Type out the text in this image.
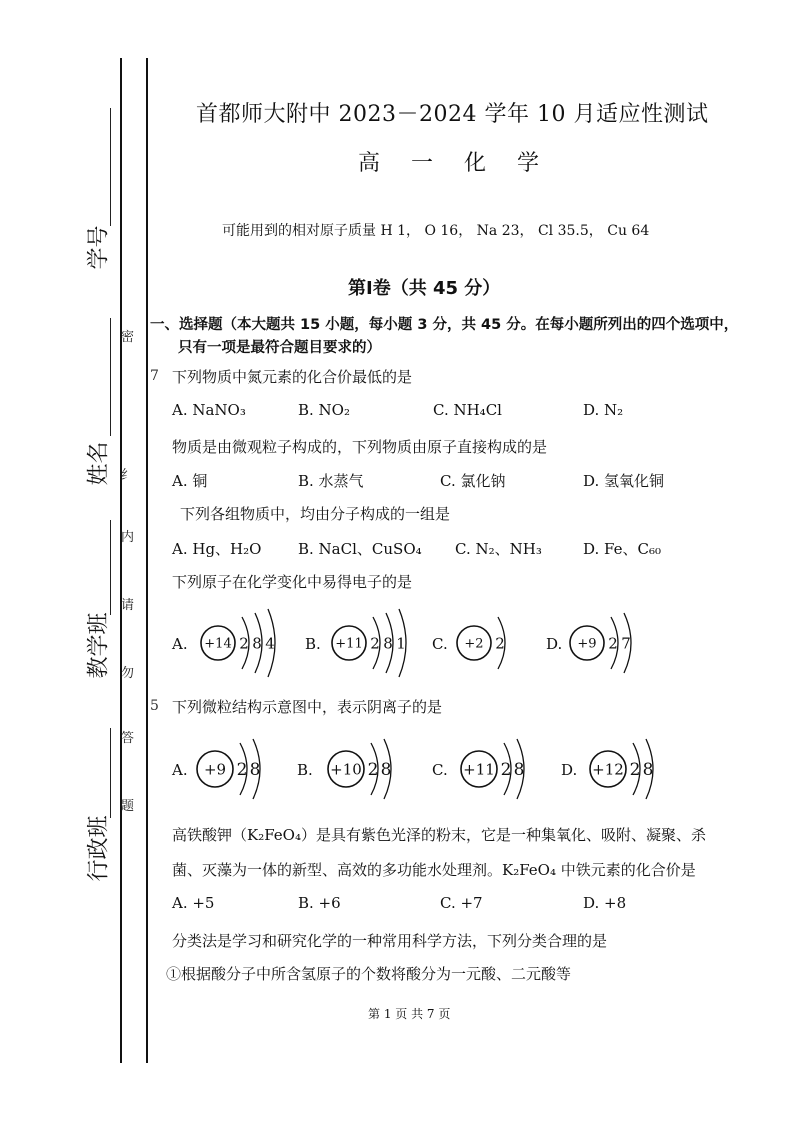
学号
姓名
教学班
行政班
密
纟
内
请
勿
答
题
首都师大附中 2023－2024 学年 10 月适应性测试
高 一 化 学
可能用到的相对原子质量 H 1， O 16， Na 23， Cl 35.5， Cu 64
第Ⅰ卷（共 45 分）
一、选择题（本大题共 15 小题，每小题 3 分，共 45 分。在每小题所列出的四个选项中，
只有一项是最符合题目要求的）
7 下列物质中氮元素的化合价最低的是
A. NaNO₃	B. NO₂	C. NH₄Cl	D. N₂
物质是由微观粒子构成的，下列物质由原子直接构成的是
A. 铜	B. 水蒸气	C. 氯化钠	D. 氢氧化铜
下列各组物质中，均由分子构成的一组是
A. Hg、H₂O B. NaCl、CuSO₄ C. N₂、NH₃	D. Fe、C₆₀
下列原子在化学变化中易得电子的是
A. +14 2 8 4 B. +11 2 8 1 C. +2 2	D. +9 2 7
5 下列微粒结构示意图中，表示阴离子的是
A. +9 2 8 B. +10 2 8	C. +11 2 8 D. +12 2 8
高铁酸钾（K₂FeO₄）是具有紫色光泽的粉末，它是一种集氧化、吸附、凝聚、杀
菌、灭藻为一体的新型、高效的多功能水处理剂。K₂FeO₄ 中铁元素的化合价是
A. +5	B. +6	C. +7	D. +8
分类法是学习和研究化学的一种常用科学方法，下列分类合理的是
①根据酸分子中所含氢原子的个数将酸分为一元酸、二元酸等
第 1 页 共 7 页
